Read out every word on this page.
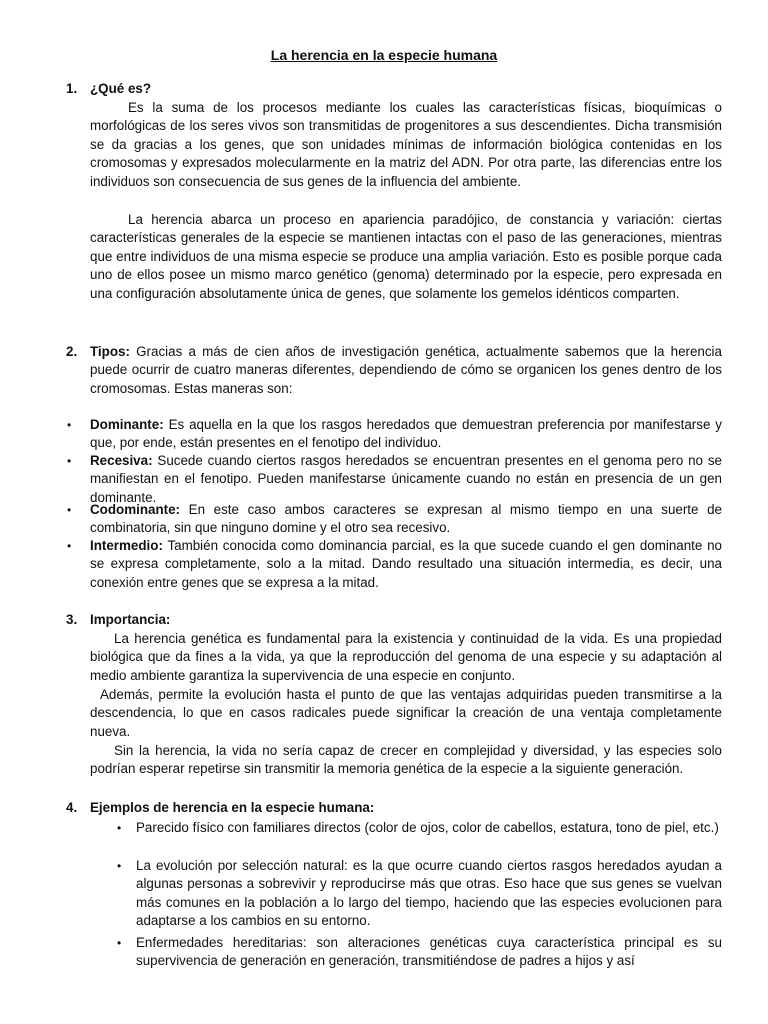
La herencia en la especie humana
1. ¿Qué es?
Es la suma de los procesos mediante los cuales las características físicas, bioquímicas o morfológicas de los seres vivos son transmitidas de progenitores a sus descendientes. Dicha transmisión se da gracias a los genes, que son unidades mínimas de información biológica contenidas en los cromosomas y expresados molecularmente en la matriz del ADN. Por otra parte, las diferencias entre los individuos son consecuencia de sus genes de la influencia del ambiente.
La herencia abarca un proceso en apariencia paradójico, de constancia y variación: ciertas características generales de la especie se mantienen intactas con el paso de las generaciones, mientras que entre individuos de una misma especie se produce una amplia variación. Esto es posible porque cada uno de ellos posee un mismo marco genético (genoma) determinado por la especie, pero expresada en una configuración absolutamente única de genes, que solamente los gemelos idénticos comparten.
2. Tipos: Gracias a más de cien años de investigación genética, actualmente sabemos que la herencia puede ocurrir de cuatro maneras diferentes, dependiendo de cómo se organicen los genes dentro de los cromosomas. Estas maneras son:
• Dominante: Es aquella en la que los rasgos heredados que demuestran preferencia por manifestarse y que, por ende, están presentes en el fenotipo del individuo.
• Recesiva: Sucede cuando ciertos rasgos heredados se encuentran presentes en el genoma pero no se manifiestan en el fenotipo. Pueden manifestarse únicamente cuando no están en presencia de un gen dominante.
• Codominante: En este caso ambos caracteres se expresan al mismo tiempo en una suerte de combinatoria, sin que ninguno domine y el otro sea recesivo.
• Intermedio: También conocida como dominancia parcial, es la que sucede cuando el gen dominante no se expresa completamente, solo a la mitad. Dando resultado una situación intermedia, es decir, una conexión entre genes que se expresa a la mitad.
3. Importancia:
La herencia genética es fundamental para la existencia y continuidad de la vida. Es una propiedad biológica que da fines a la vida, ya que la reproducción del genoma de una especie y su adaptación al medio ambiente garantiza la supervivencia de una especie en conjunto.
Además, permite la evolución hasta el punto de que las ventajas adquiridas pueden transmitirse a la descendencia, lo que en casos radicales puede significar la creación de una ventaja completamente nueva.
Sin la herencia, la vida no sería capaz de crecer en complejidad y diversidad, y las especies solo podrían esperar repetirse sin transmitir la memoria genética de la especie a la siguiente generación.
4. Ejemplos de herencia en la especie humana:
• Parecido físico con familiares directos (color de ojos, color de cabellos, estatura, tono de piel, etc.)
• La evolución por selección natural: es la que ocurre cuando ciertos rasgos heredados ayudan a algunas personas a sobrevivir y reproducirse más que otras. Eso hace que sus genes se vuelvan más comunes en la población a lo largo del tiempo, haciendo que las especies evolucionen para adaptarse a los cambios en su entorno.
• Enfermedades hereditarias: son alteraciones genéticas cuya característica principal es su supervivencia de generación en generación, transmitiéndose de padres a hijos y así
